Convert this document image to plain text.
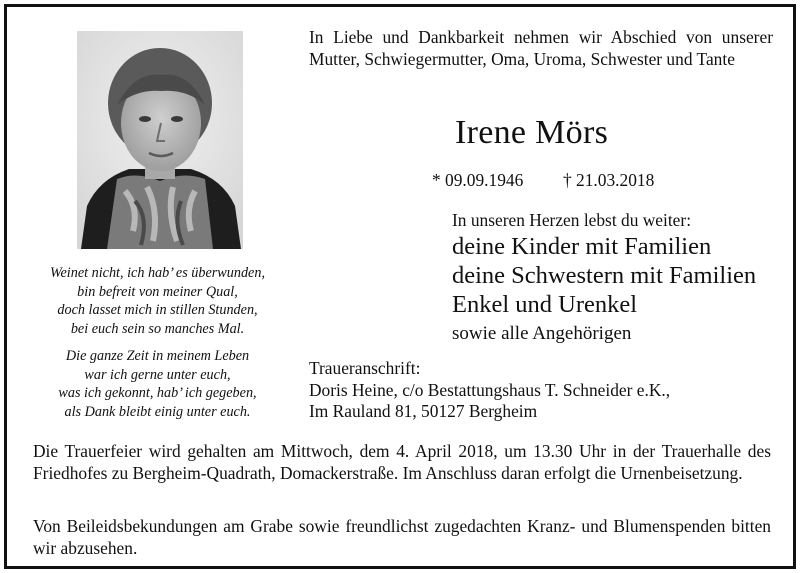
Weinet nicht, ich hab’ es überwunden,
bin befreit von meiner Qual,
doch lasset mich in stillen Stunden,
bei euch sein so manches Mal.
Die ganze Zeit in meinem Leben
war ich gerne unter euch,
was ich gekonnt, hab’ ich gegeben,
als Dank bleibt einig unter euch.
In Liebe und Dankbarkeit nehmen wir Abschied von unserer Mutter, Schwiegermutter, Oma, Uroma, Schwester und Tante
Irene Mörs
* 09.09.1946 † 21.03.2018
In unseren Herzen lebst du weiter:
deine Kinder mit Familien
deine Schwestern mit Familien
Enkel und Urenkel
sowie alle Angehörigen
Traueranschrift:
Doris Heine, c/o Bestattungshaus T. Schneider e.K.,
Im Rauland 81, 50127 Bergheim
Die Trauerfeier wird gehalten am Mittwoch, dem 4. April 2018, um 13.30 Uhr in der Trauerhalle des Friedhofes zu Bergheim-Quadrath, Domackerstraße. Im Anschluss daran erfolgt die Urnenbeisetzung.
Von Beileidsbekundungen am Grabe sowie freundlichst zugedachten Kranz- und Blumenspenden bitten wir abzusehen.
